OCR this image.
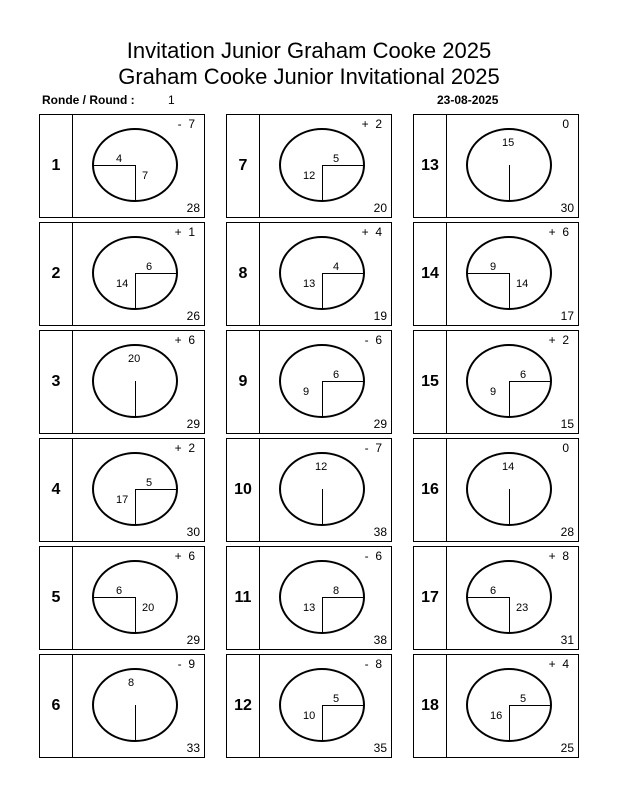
Invitation Junior Graham Cooke 2025
Graham Cooke Junior Invitational 2025
Ronde / Round :	1	23-08-2025
1
-  7
28
4
7
2
+  1
26
6
14
3
+  6
29
20
4
+  2
30
5
17
5
+  6
29
6
20
6
-  9
33
8
7
+  2
20
5
12
8
+  4
19
4
13
9
-  6
29
6
9
10
-  7
38
12
11
-  6
38
8
13
12
-  8
35
5
10
13
0
30
15
14
+  6
17
9
14
15
+  2
15
6
9
16
0
28
14
17
+  8
31
6
23
18
+  4
25
5
16
